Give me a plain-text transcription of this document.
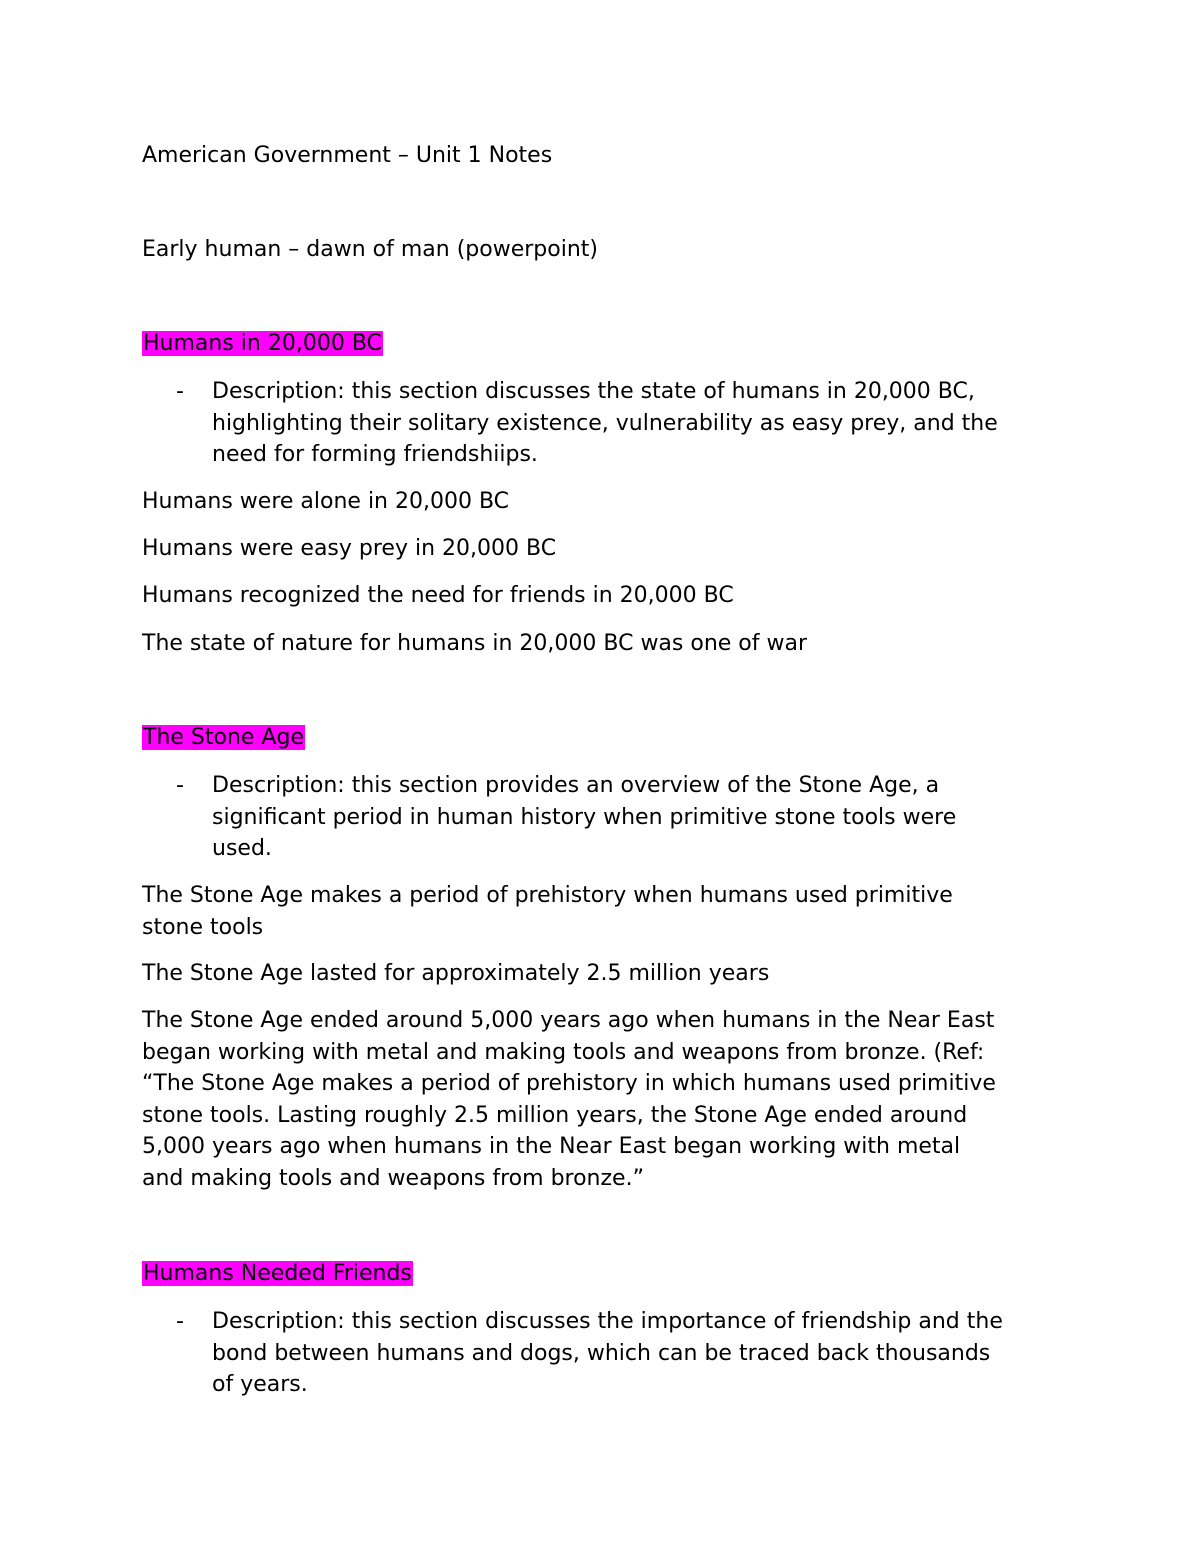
American Government – Unit 1 Notes
Early human – dawn of man (powerpoint)
Humans in 20,000 BC
- Description: this section discusses the state of humans in 20,000 BC,
highlighting their solitary existence, vulnerability as easy prey, and the
need for forming friendshiips.
Humans were alone in 20,000 BC
Humans were easy prey in 20,000 BC
Humans recognized the need for friends in 20,000 BC
The state of nature for humans in 20,000 BC was one of war
The Stone Age
- Description: this section provides an overview of the Stone Age, a
significant period in human history when primitive stone tools were
used.
The Stone Age makes a period of prehistory when humans used primitive
stone tools
The Stone Age lasted for approximately 2.5 million years
The Stone Age ended around 5,000 years ago when humans in the Near East
began working with metal and making tools and weapons from bronze. (Ref:
“The Stone Age makes a period of prehistory in which humans used primitive
stone tools. Lasting roughly 2.5 million years, the Stone Age ended around
5,000 years ago when humans in the Near East began working with metal
and making tools and weapons from bronze.”
Humans Needed Friends
- Description: this section discusses the importance of friendship and the
bond between humans and dogs, which can be traced back thousands
of years.
